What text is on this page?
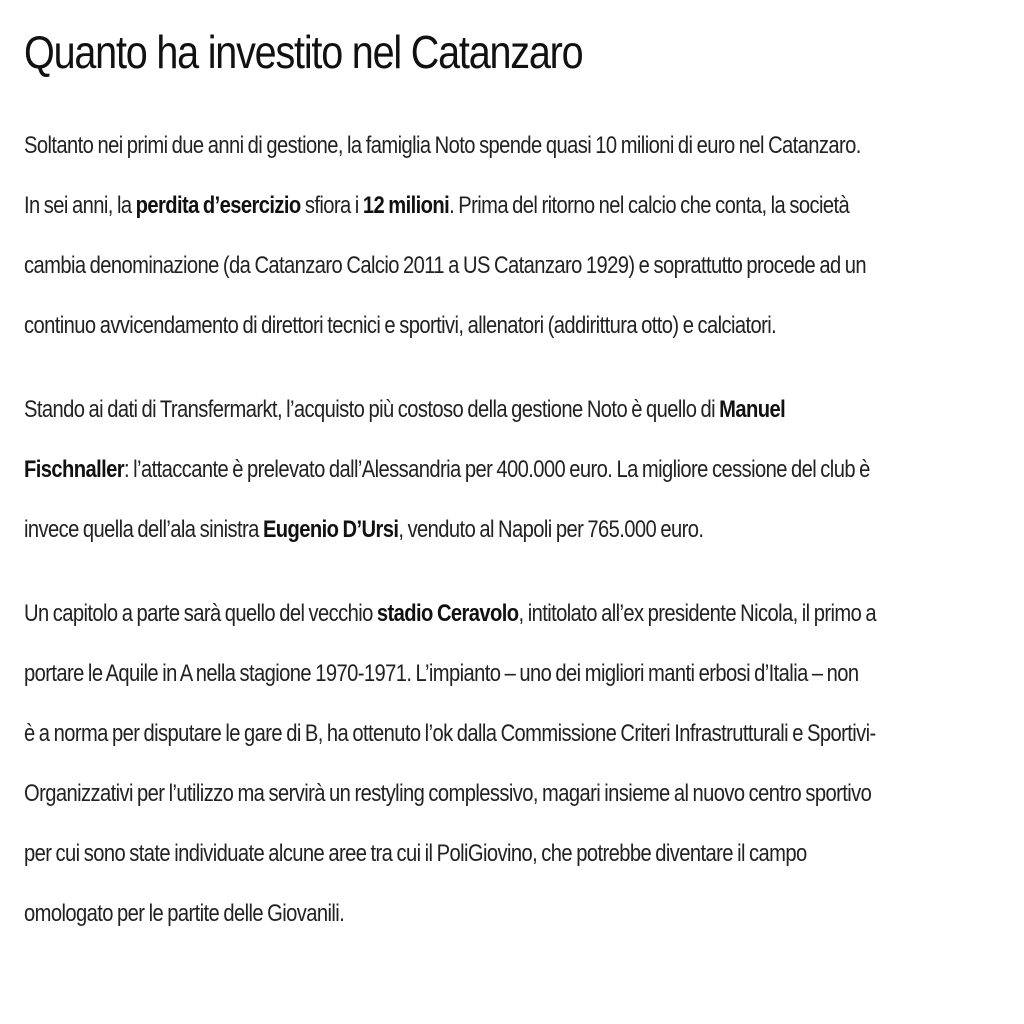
Quanto ha investito nel Catanzaro

Soltanto nei primi due anni di gestione, la famiglia Noto spende quasi 10 milioni di euro nel Catanzaro.
In sei anni, la perdita d’esercizio sfiora i 12 milioni. Prima del ritorno nel calcio che conta, la società
cambia denominazione (da Catanzaro Calcio 2011 a US Catanzaro 1929) e soprattutto procede ad un
continuo avvicendamento di direttori tecnici e sportivi, allenatori (addirittura otto) e calciatori.

Stando ai dati di Transfermarkt, l’acquisto più costoso della gestione Noto è quello di Manuel
Fischnaller: l’attaccante è prelevato dall’Alessandria per 400.000 euro. La migliore cessione del club è
invece quella dell’ala sinistra Eugenio D’Ursi, venduto al Napoli per 765.000 euro.

Un capitolo a parte sarà quello del vecchio stadio Ceravolo, intitolato all’ex presidente Nicola, il primo a
portare le Aquile in A nella stagione 1970-1971. L’impianto – uno dei migliori manti erbosi d’Italia – non
è a norma per disputare le gare di B, ha ottenuto l’ok dalla Commissione Criteri Infrastrutturali e Sportivi-
Organizzativi per l’utilizzo ma servirà un restyling complessivo, magari insieme al nuovo centro sportivo
per cui sono state individuate alcune aree tra cui il PoliGiovino, che potrebbe diventare il campo
omologato per le partite delle Giovanili.
